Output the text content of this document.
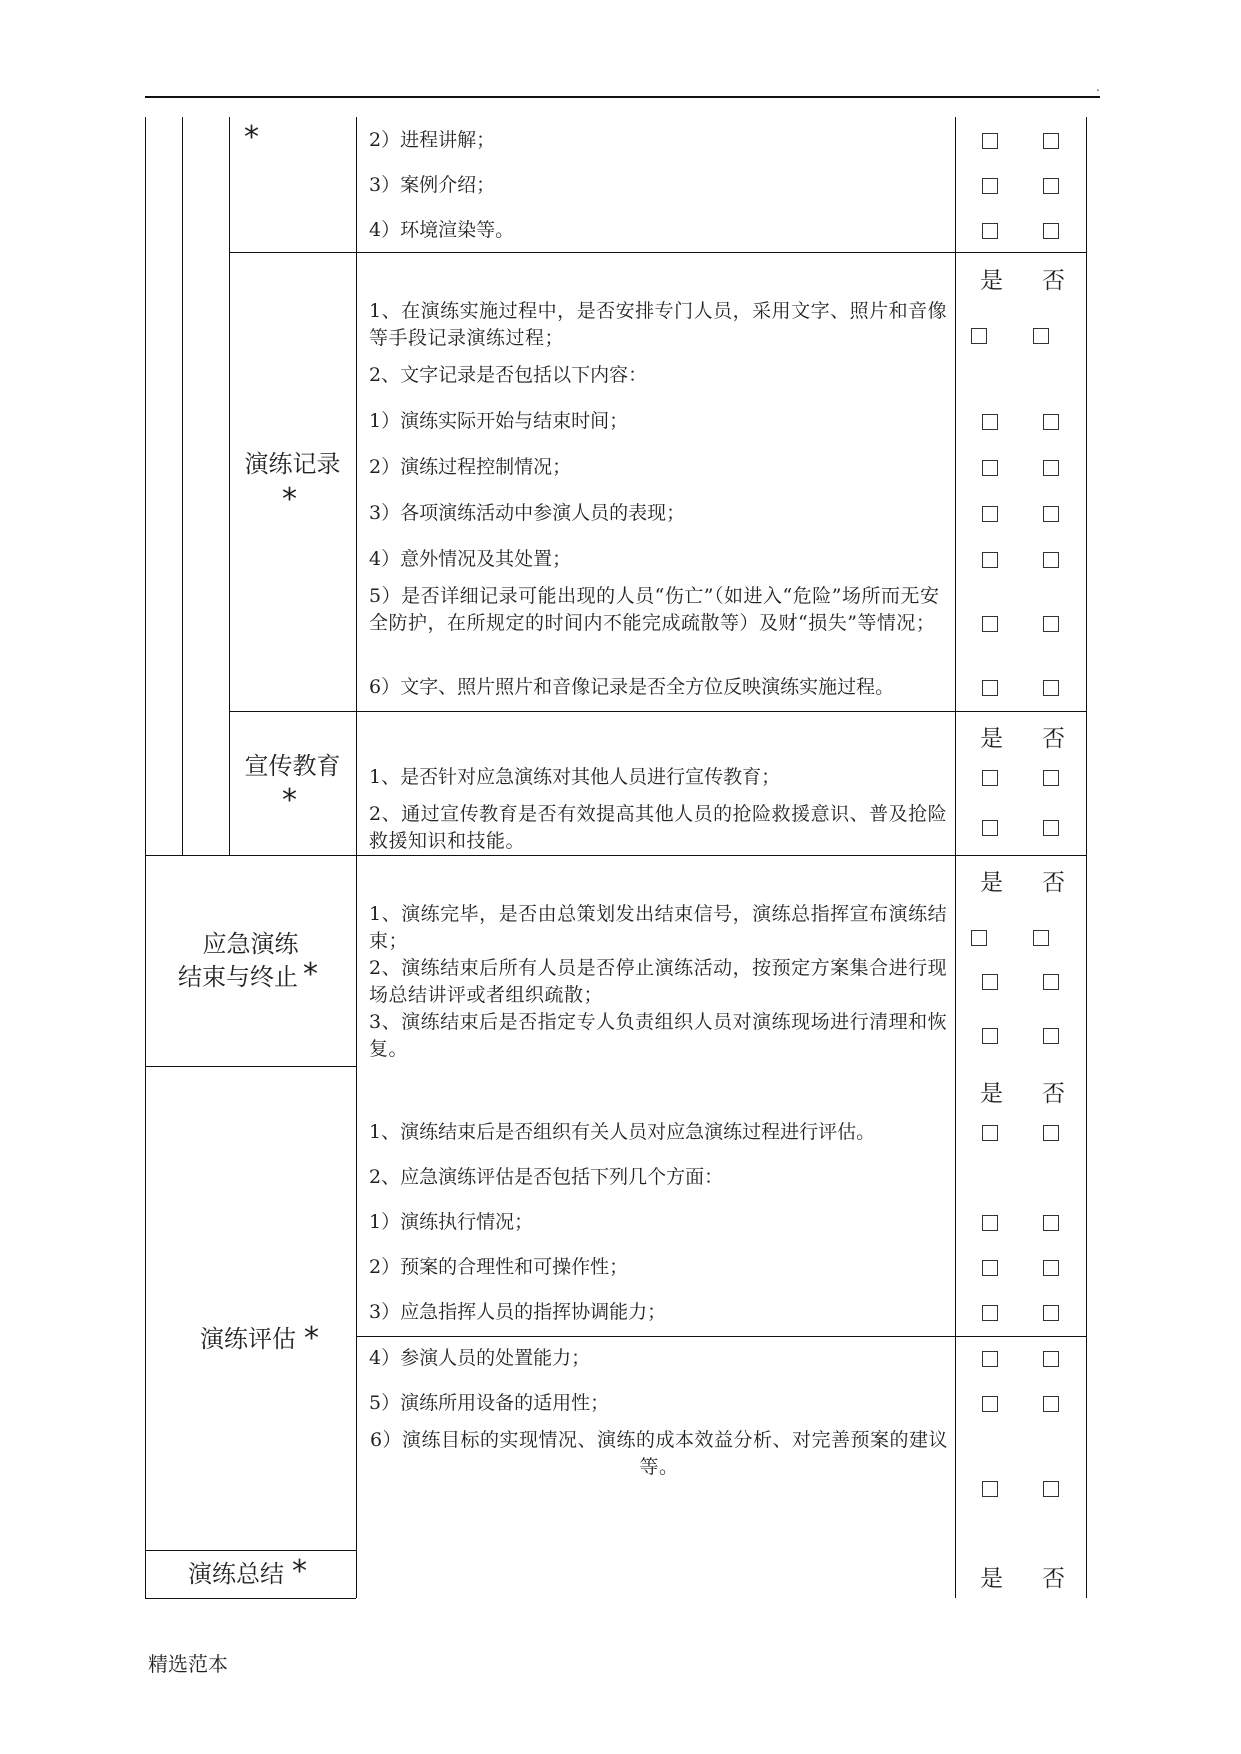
.
*	2）进程讲解；
3）案例介绍；
4）环境渲染等。
演练记录
*
是 否
1、在演练实施过程中，是否安排专门人员，采用文字、照片和音像等手段记录演练过程；
2、文字记录是否包括以下内容：
1）演练实际开始与结束时间；
2）演练过程控制情况；
3）各项演练活动中参演人员的表现；
4）意外情况及其处置；
5）是否详细记录可能出现的人员“伤亡”（如进入“危险”场所而无安全防护，在所规定的时间内不能完成疏散等）及财“损失”等情况；
6）文字、照片照片和音像记录是否全方位反映演练实施过程。
宣传教育
*
是 否
1、是否针对应急演练对其他人员进行宣传教育；
2、通过宣传教育是否有效提高其他人员的抢险救援意识、普及抢险救援知识和技能。
应急演练
结束与终止 *
是 否
1、演练完毕，是否由总策划发出结束信号，演练总指挥宣布演练结束；
2、演练结束后所有人员是否停止演练活动，按预定方案集合进行现场总结讲评或者组织疏散；
3、演练结束后是否指定专人负责组织人员对演练现场进行清理和恢复。
演练评估 *
是 否
1、演练结束后是否组织有关人员对应急演练过程进行评估。
2、应急演练评估是否包括下列几个方面：
1）演练执行情况；
2）预案的合理性和可操作性；
3）应急指挥人员的指挥协调能力；
4）参演人员的处置能力；
5）演练所用设备的适用性；
6）演练目标的实现情况、演练的成本效益分析、对完善预案的建议等。
演练总结 *	是 否
精选范本
